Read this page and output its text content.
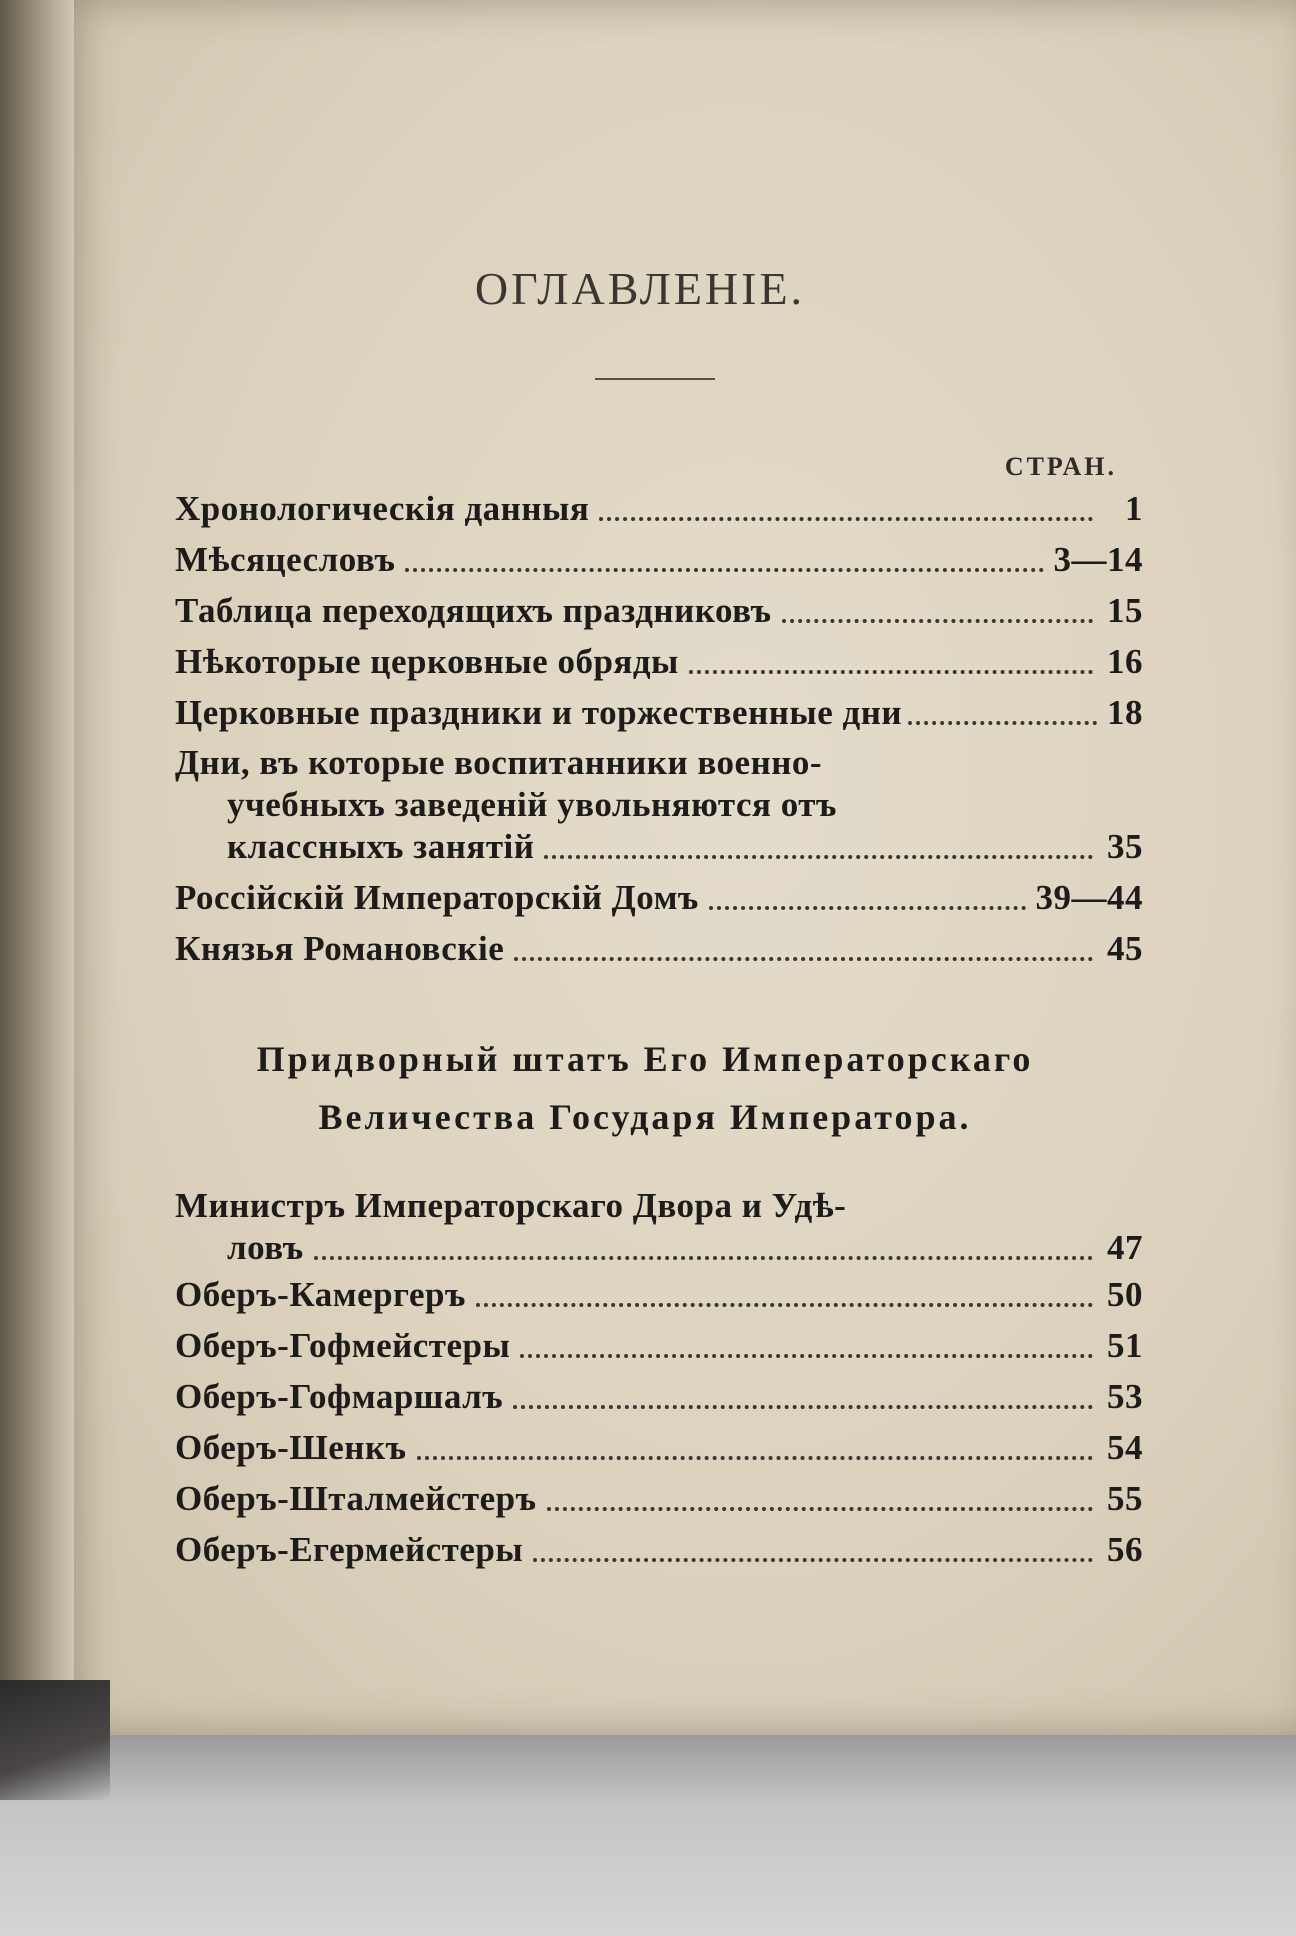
ОГЛАВЛЕНІЕ.
СТРАН.
Хронологическія данныя	1
Мѣсяцесловъ	3—14
Таблица переходящихъ праздниковъ	15
Нѣкоторые церковные обряды	16
Церковные праздники и торжественные дни	18
Дни, въ которые воспитанники военно-
учебныхъ заведеній увольняются отъ
классныхъ занятій	35
Россійскій Императорскій Домъ	39—44
Князья Романовскіе	45
Придворный штатъ Его Императорскаго
Величества Государя Императора.
Министръ Императорскаго Двора и Удѣ-
ловъ	47
Оберъ-Камергеръ	50
Оберъ-Гофмейстеры	51
Оберъ-Гофмаршалъ	53
Оберъ-Шенкъ	54
Оберъ-Шталмейстеръ	55
Оберъ-Егермейстеры	56
